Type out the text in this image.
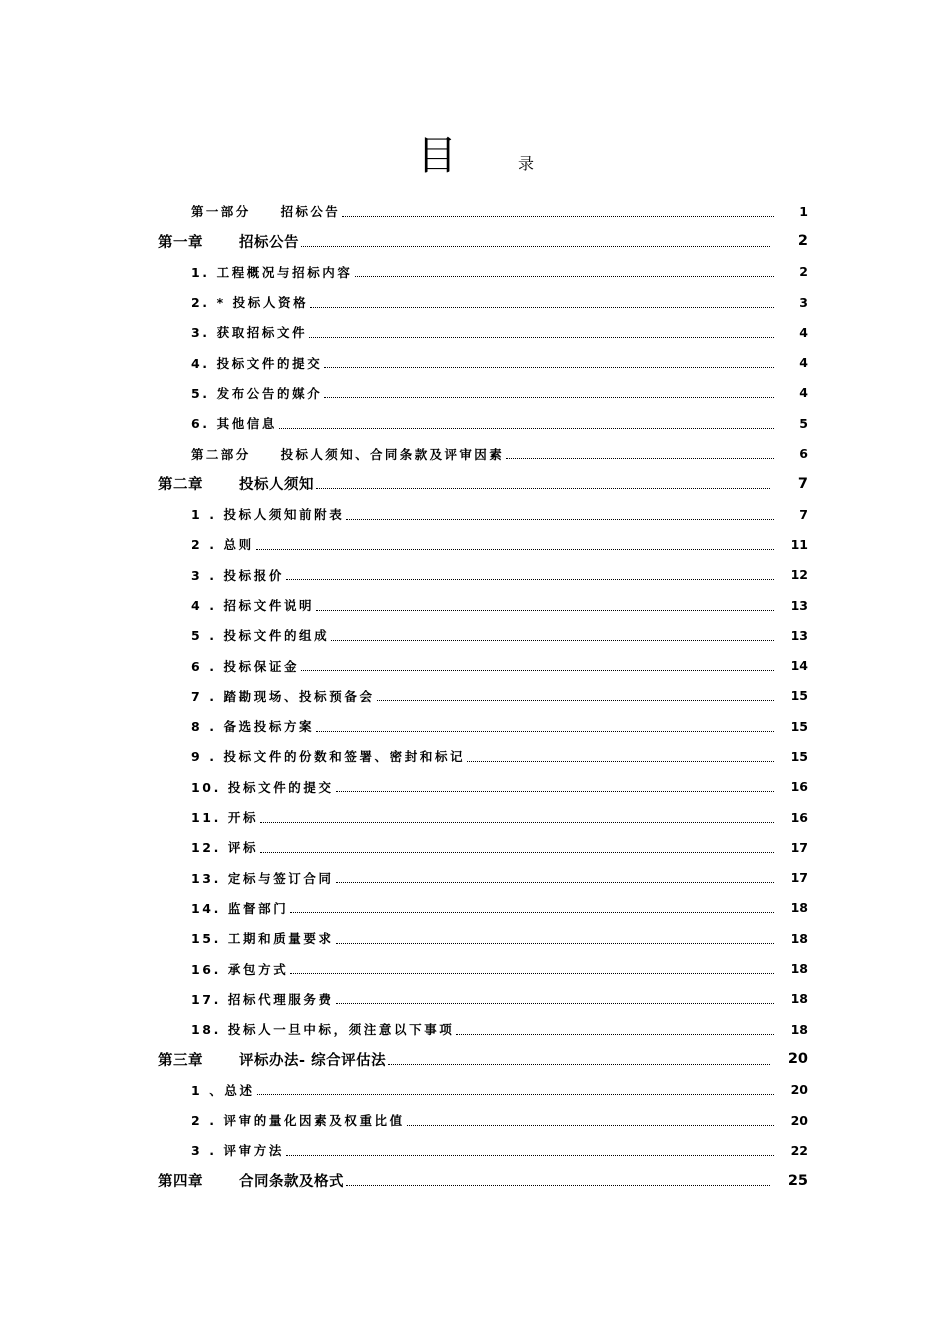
目	录
第一部分 招标公告	1
第一章 招标公告	2
1. 工程概况与招标内容	2
2. * 投标人资格	3
3. 获取招标文件	4
4. 投标文件的提交	4
5. 发布公告的媒介	4
6. 其他信息	5
第二部分 投标人须知、合同条款及评审因素	6
第二章 投标人须知	7
1 . 投标人须知前附表	7
2 . 总则	11
3 . 投标报价	12
4 . 招标文件说明	13
5 . 投标文件的组成	13
6 . 投标保证金	14
7 . 踏勘现场、投标预备会	15
8 . 备选投标方案	15
9 . 投标文件的份数和签署、密封和标记	15
10. 投标文件的提交	16
11. 开标	16
12. 评标	17
13. 定标与签订合同	17
14. 监督部门	18
15. 工期和质量要求	18
16. 承包方式	18
17. 招标代理服务费	18
18. 投标人一旦中标，须注意以下事项	18
第三章 评标办法- 综合评估法	20
1 、总述	20
2 . 评审的量化因素及权重比值	20
3 . 评审方法	22
第四章 合同条款及格式	25
